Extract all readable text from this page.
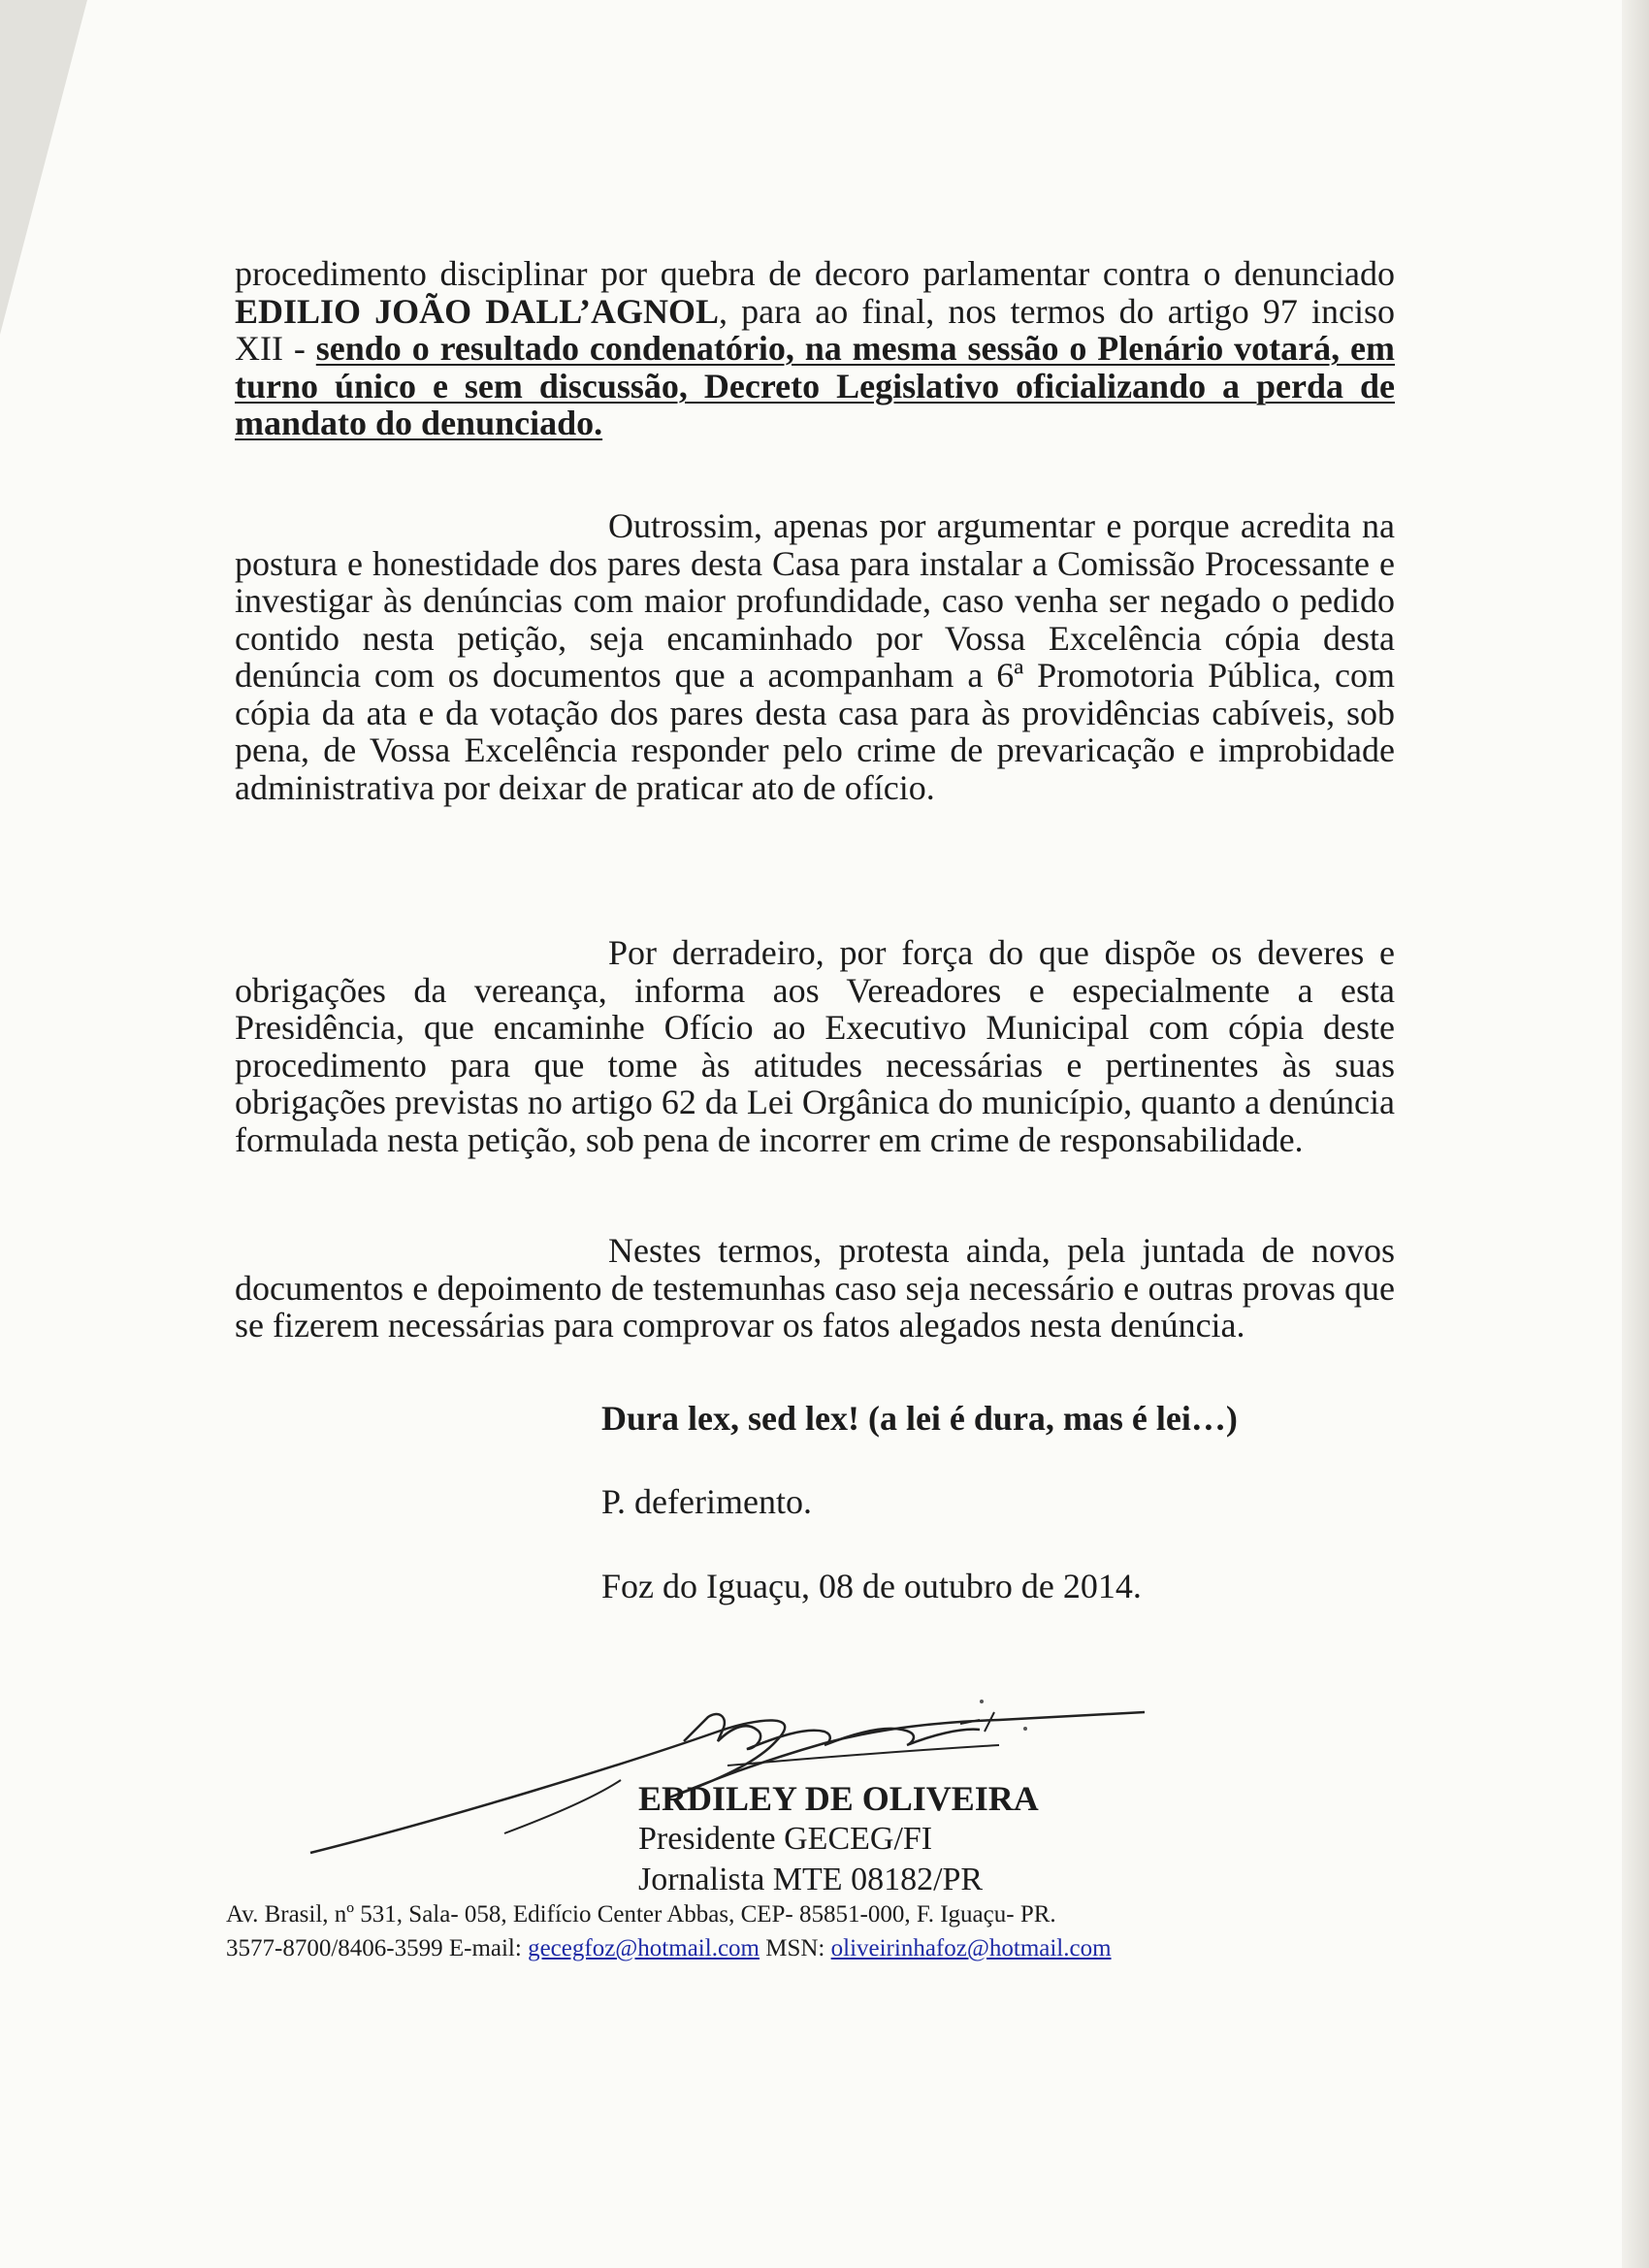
procedimento disciplinar por quebra de decoro parlamentar contra o denunciado EDILIO JOÃO DALL’AGNOL, para ao final, nos termos do artigo 97 inciso XII - sendo o resultado condenatório, na mesma sessão o Plenário votará, em turno único e sem discussão, Decreto Legislativo oficializando a perda de mandato do denunciado.

Outrossim, apenas por argumentar e porque acredita na postura e honestidade dos pares desta Casa para instalar a Comissão Processante e investigar às denúncias com maior profundidade, caso venha ser negado o pedido contido nesta petição, seja encaminhado por Vossa Excelência cópia desta denúncia com os documentos que a acompanham a 6ª Promotoria Pública, com cópia da ata e da votação dos pares desta casa para às providências cabíveis, sob pena, de Vossa Excelência responder pelo crime de prevaricação e improbidade administrativa por deixar de praticar ato de ofício.

Por derradeiro, por força do que dispõe os deveres e obrigações da vereança, informa aos Vereadores e especialmente a esta Presidência, que encaminhe Ofício ao Executivo Municipal com cópia deste procedimento para que tome às atitudes necessárias e pertinentes às suas obrigações previstas no artigo 62 da Lei Orgânica do município, quanto a denúncia formulada nesta petição, sob pena de incorrer em crime de responsabilidade.

Nestes termos, protesta ainda, pela juntada de novos documentos e depoimento de testemunhas caso seja necessário e outras provas que se fizerem necessárias para comprovar os fatos alegados nesta denúncia.

Dura lex, sed lex! (a lei é dura, mas é lei…)

P. deferimento.

Foz do Iguaçu, 08 de outubro de 2014.

ERDILEY DE OLIVEIRA

Presidente GECEG/FI

Jornalista MTE 08182/PR

Av. Brasil, nº 531, Sala- 058, Edifício Center Abbas, CEP- 85851-000, F. Iguaçu- PR.

3577-8700/8406-3599 E-mail: gecegfoz@hotmail.com MSN: oliveirinhafoz@hotmail.com
